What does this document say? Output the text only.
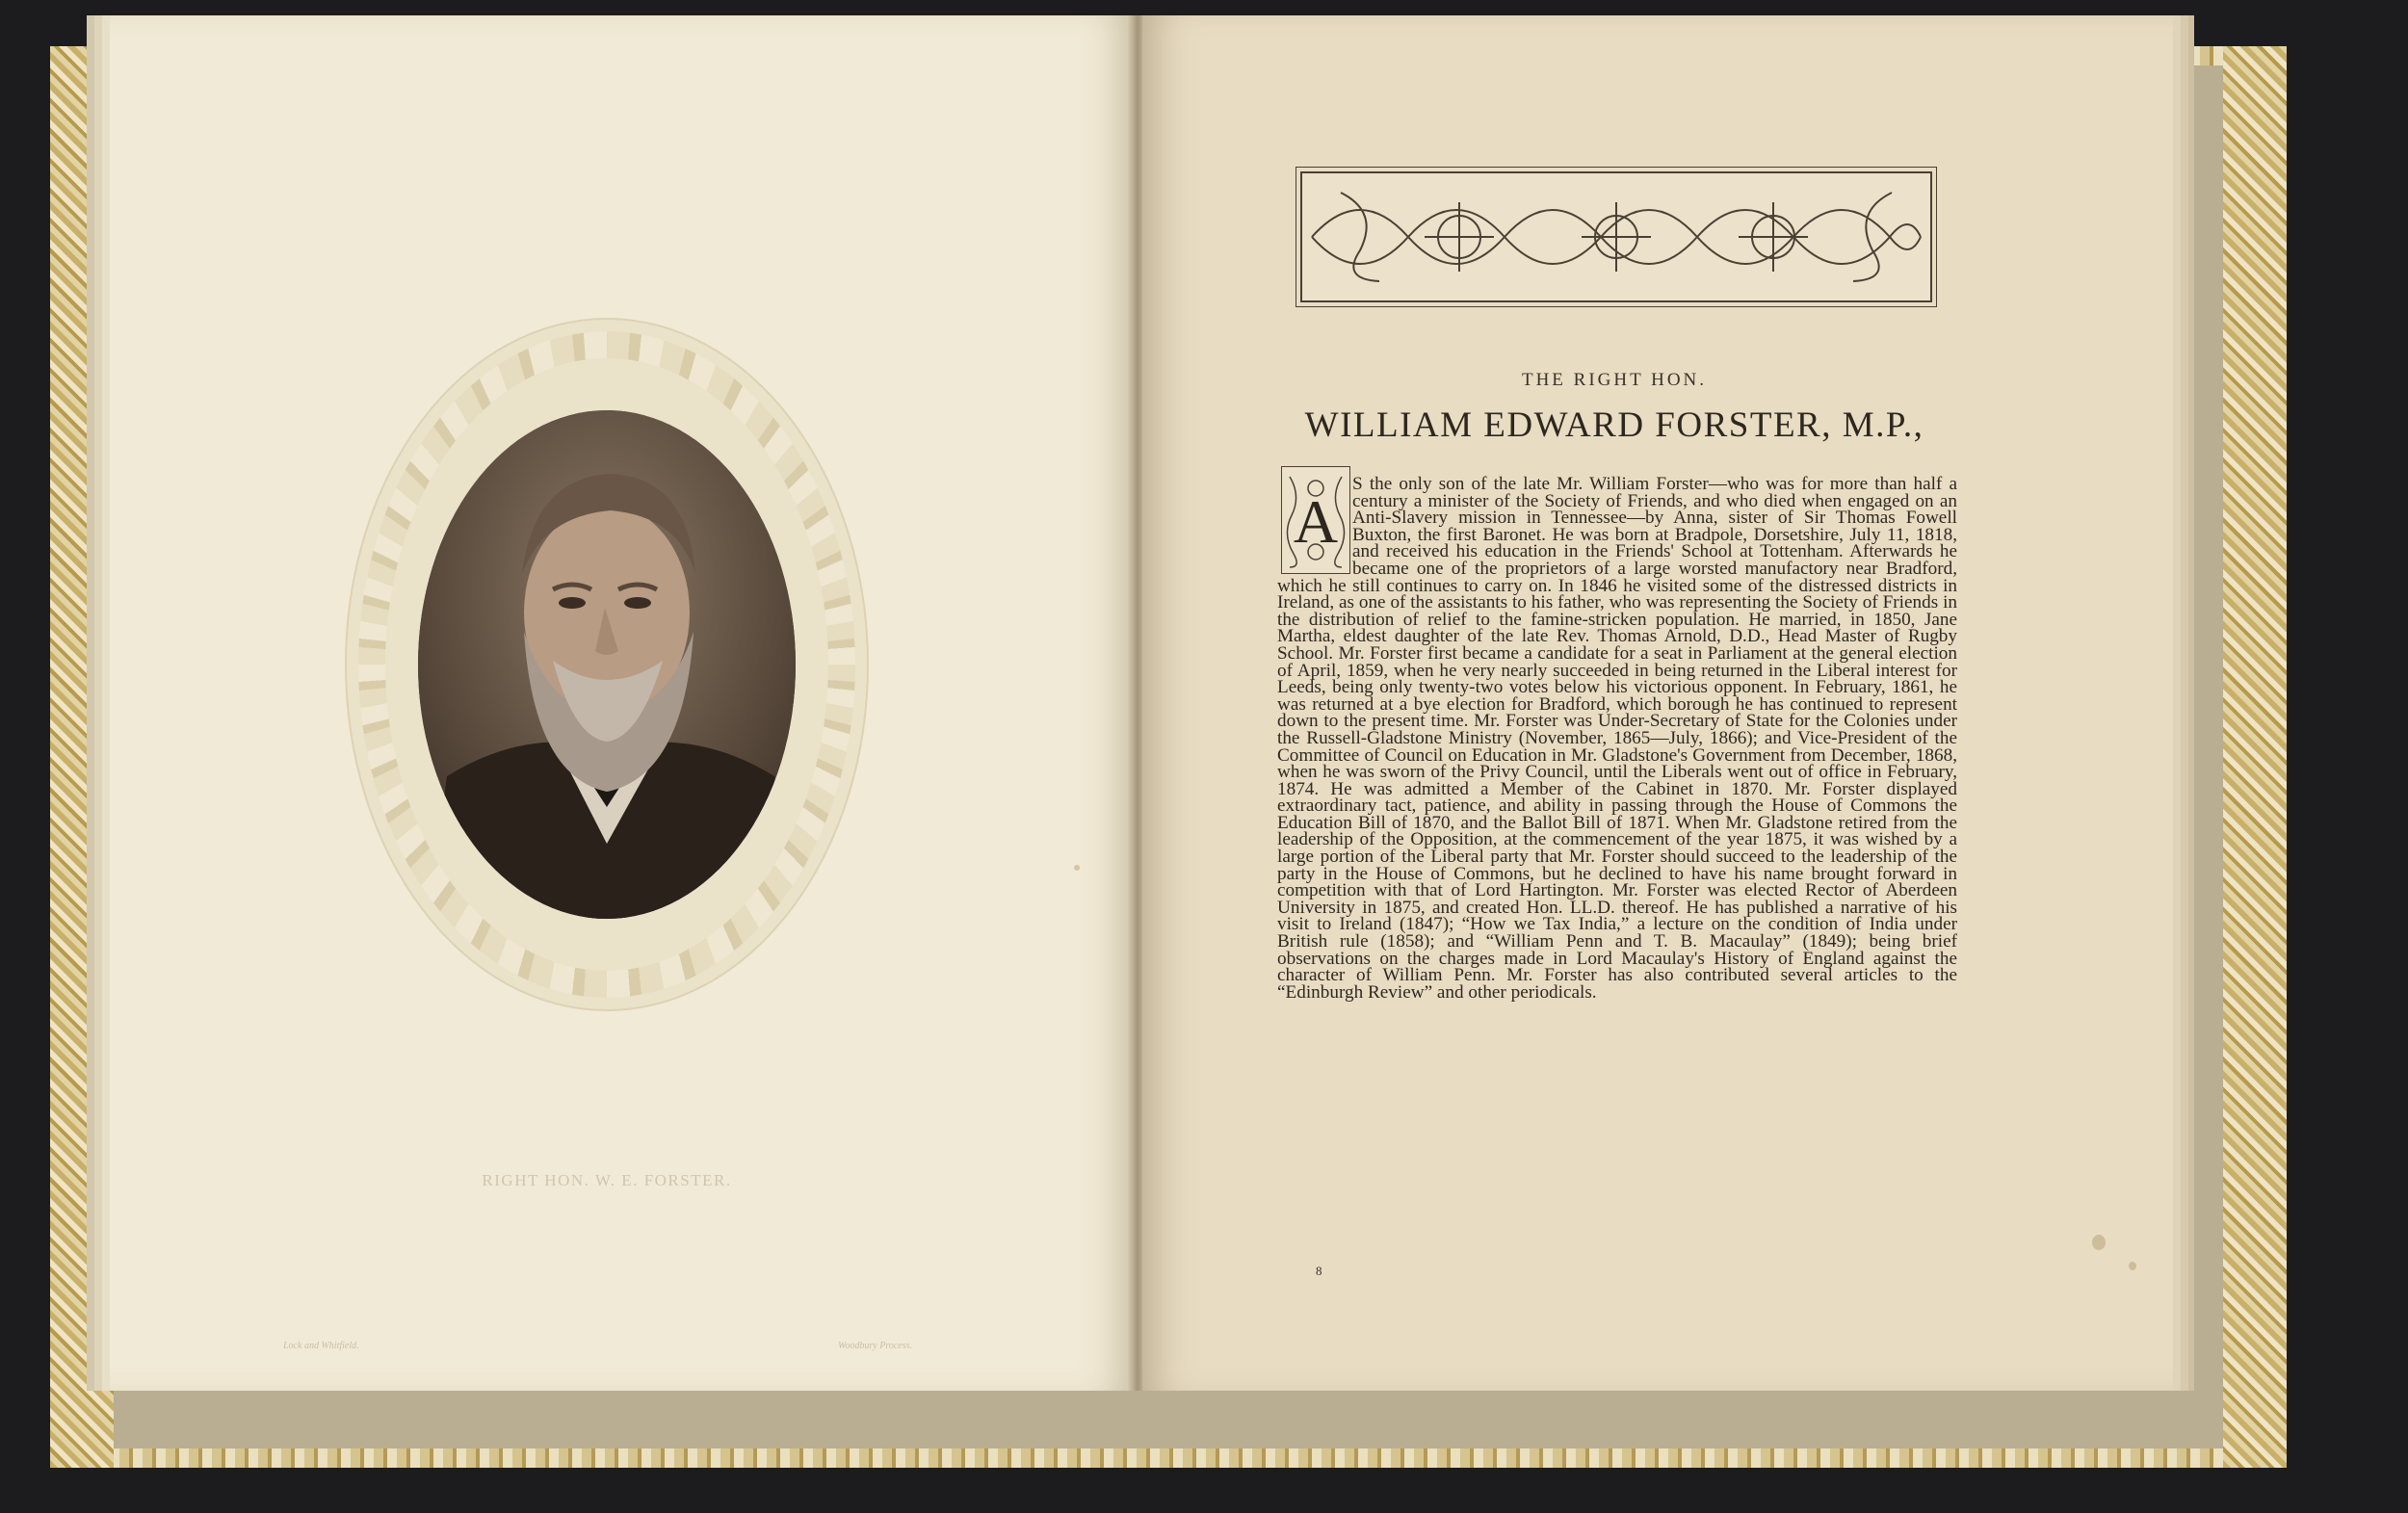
RIGHT HON. W. E. FORSTER.
Lock and Whitfield.	Woodbury Process.
THE RIGHT HON.
WILLIAM EDWARD FORSTER, M.P.,
A
S the only son of the late Mr. William Forster—who was for more than half a century a minister of the Society of Friends, and who died when engaged on an Anti-Slavery mission in Tennessee—by Anna, sister of Sir Thomas Fowell Buxton, the first Baronet. He was born at Bradpole, Dorsetshire, July 11, 1818, and received his education in the Friends' School at Tottenham. Afterwards he became one of the proprietors of a large worsted manufactory near Bradford, which he still continues to carry on. In 1846 he visited some of the distressed districts in Ireland, as one of the assistants to his father, who was representing the Society of Friends in the distribution of relief to the famine-stricken population. He married, in 1850, Jane Martha, eldest daughter of the late Rev. Thomas Arnold, D.D., Head Master of Rugby School. Mr. Forster first became a candidate for a seat in Parliament at the general election of April, 1859, when he very nearly succeeded in being returned in the Liberal interest for Leeds, being only twenty-two votes below his victorious opponent. In February, 1861, he was returned at a bye election for Bradford, which borough he has continued to represent down to the present time. Mr. Forster was Under-Secretary of State for the Colonies under the Russell-Gladstone Ministry (November, 1865—July, 1866); and Vice-President of the Committee of Council on Education in Mr. Gladstone's Government from December, 1868, when he was sworn of the Privy Council, until the Liberals went out of office in February, 1874. He was admitted a Member of the Cabinet in 1870. Mr. Forster displayed extraordinary tact, patience, and ability in passing through the House of Commons the Education Bill of 1870, and the Ballot Bill of 1871. When Mr. Gladstone retired from the leadership of the Opposition, at the commencement of the year 1875, it was wished by a large portion of the Liberal party that Mr. Forster should succeed to the leadership of the party in the House of Commons, but he declined to have his name brought forward in competition with that of Lord Hartington. Mr. Forster was elected Rector of Aberdeen University in 1875, and created Hon. LL.D. thereof. He has published a narrative of his visit to Ireland (1847); “How we Tax India,” a lecture on the condition of India under British rule (1858); and “William Penn and T. B. Macaulay” (1849); being brief observations on the charges made in Lord Macaulay's History of England against the character of William Penn. Mr. Forster has also contributed several articles to the “Edinburgh Review” and other periodicals.
8
